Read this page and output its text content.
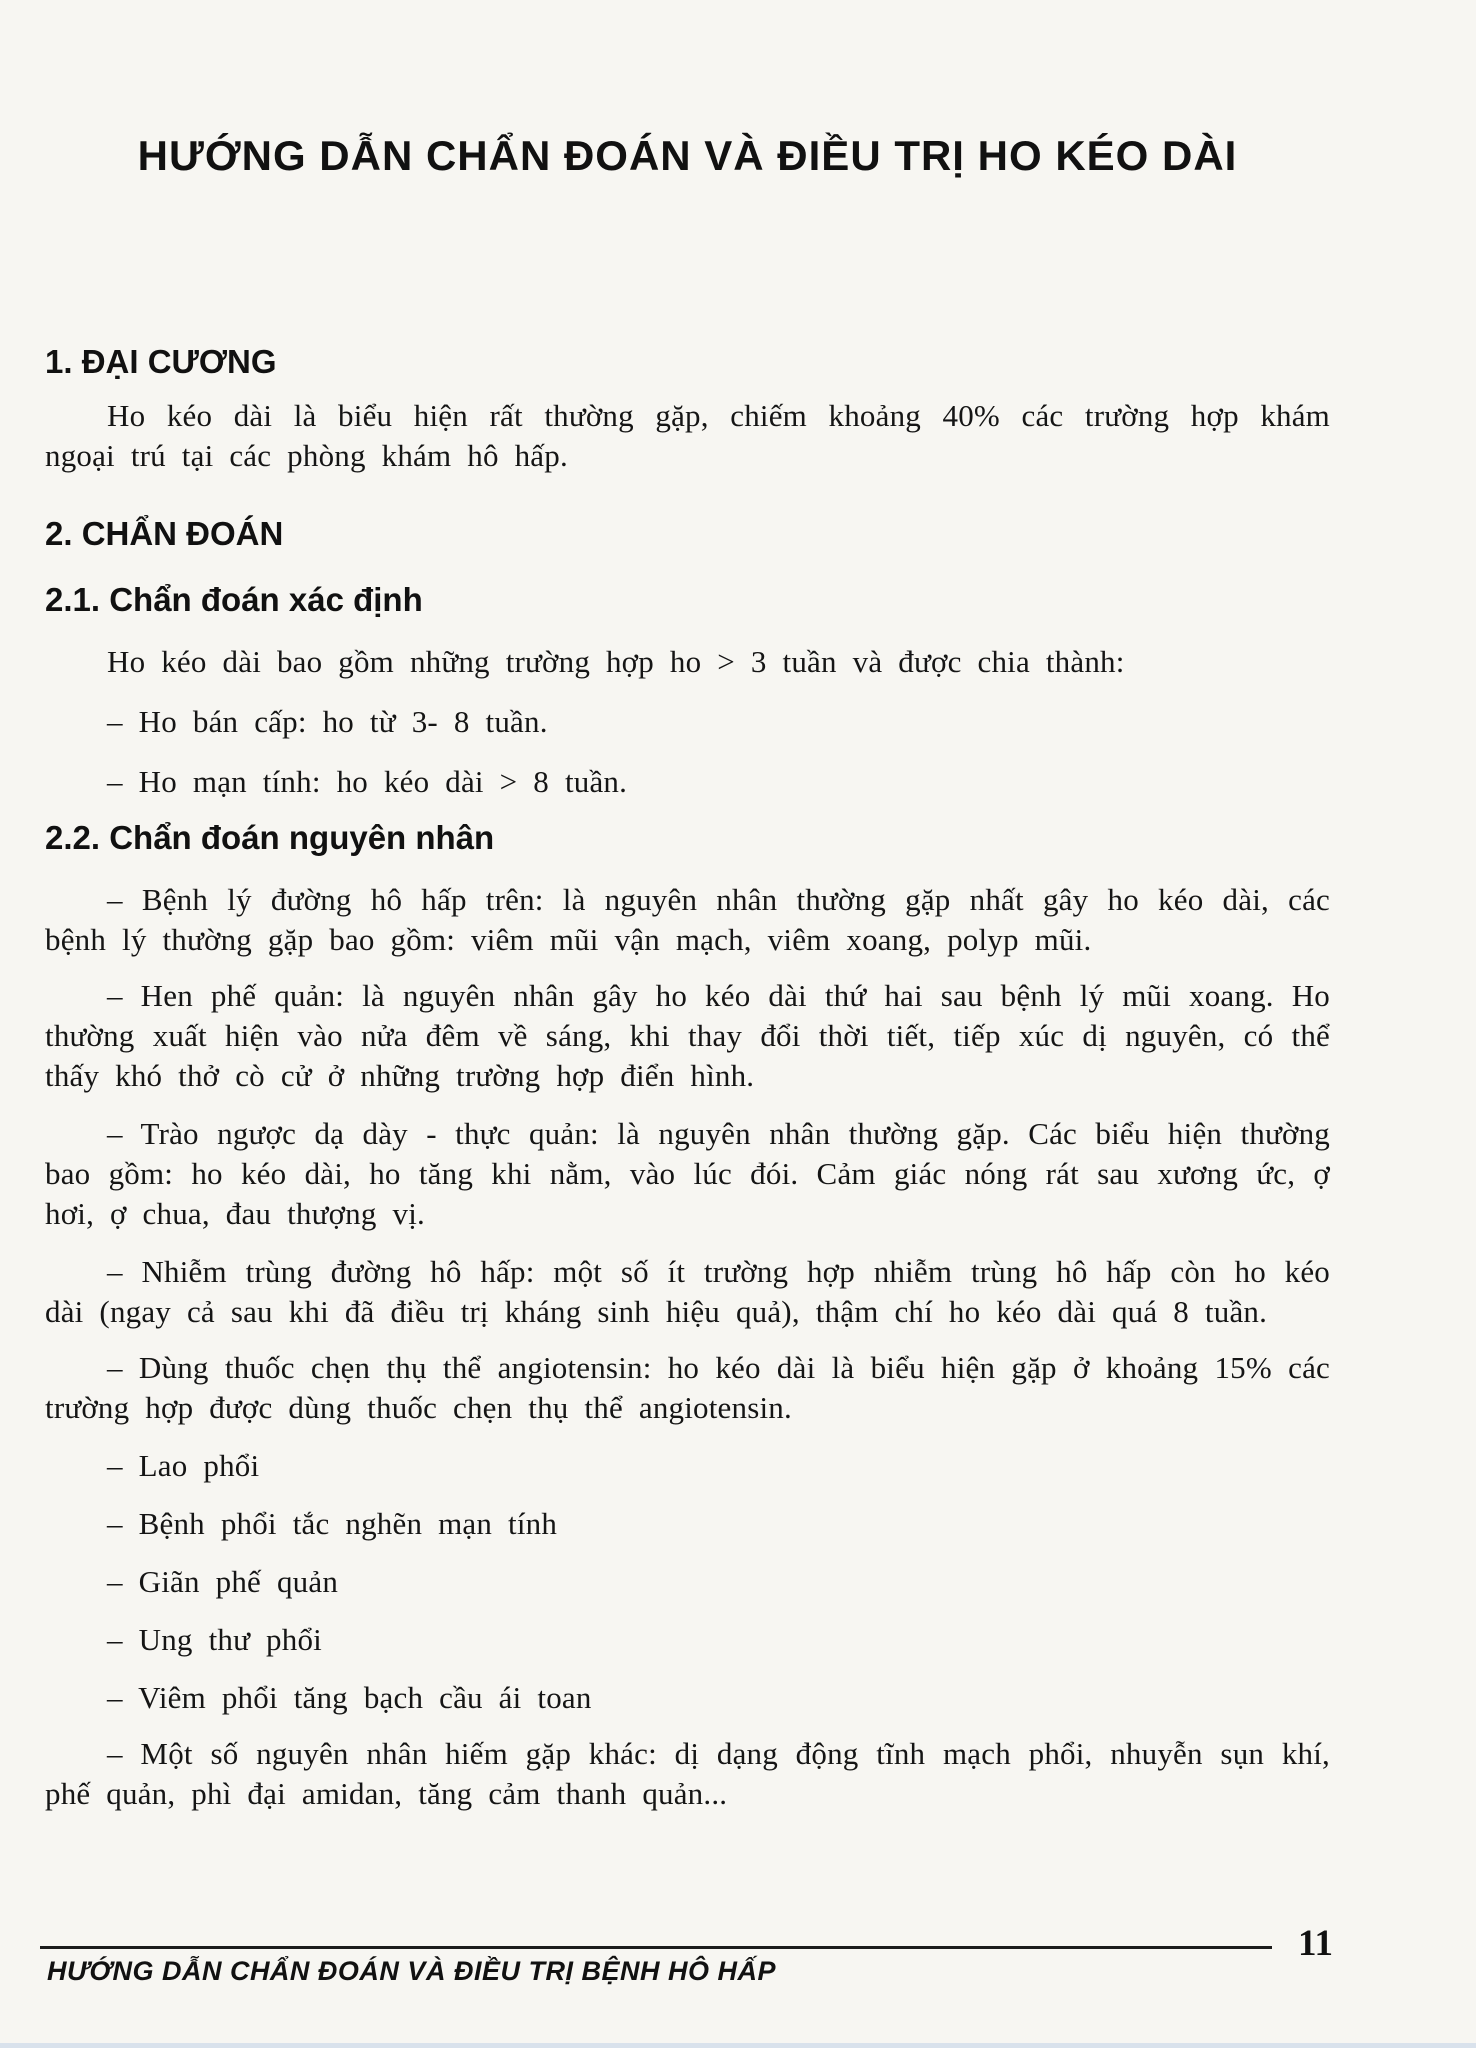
HƯỚNG DẪN CHẨN ĐOÁN VÀ ĐIỀU TRỊ HO KÉO DÀI
1. ĐẠI CƯƠNG
Ho kéo dài là biểu hiện rất thường gặp, chiếm khoảng 40% các trường hợp khám ngoại trú tại các phòng khám hô hấp.
2. CHẨN ĐOÁN
2.1. Chẩn đoán xác định
Ho kéo dài bao gồm những trường hợp ho > 3 tuần và được chia thành:
– Ho bán cấp: ho từ 3- 8 tuần.
– Ho mạn tính: ho kéo dài > 8 tuần.
2.2. Chẩn đoán nguyên nhân
– Bệnh lý đường hô hấp trên: là nguyên nhân thường gặp nhất gây ho kéo dài, các bệnh lý thường gặp bao gồm: viêm mũi vận mạch, viêm xoang, polyp mũi.
– Hen phế quản: là nguyên nhân gây ho kéo dài thứ hai sau bệnh lý mũi xoang. Ho thường xuất hiện vào nửa đêm về sáng, khi thay đổi thời tiết, tiếp xúc dị nguyên, có thể thấy khó thở cò cử ở những trường hợp điển hình.
– Trào ngược dạ dày - thực quản: là nguyên nhân thường gặp. Các biểu hiện thường bao gồm: ho kéo dài, ho tăng khi nằm, vào lúc đói. Cảm giác nóng rát sau xương ức, ợ hơi, ợ chua, đau thượng vị.
– Nhiễm trùng đường hô hấp: một số ít trường hợp nhiễm trùng hô hấp còn ho kéo dài (ngay cả sau khi đã điều trị kháng sinh hiệu quả), thậm chí ho kéo dài quá 8 tuần.
– Dùng thuốc chẹn thụ thể angiotensin: ho kéo dài là biểu hiện gặp ở khoảng 15% các trường hợp được dùng thuốc chẹn thụ thể angiotensin.
– Lao phổi
– Bệnh phổi tắc nghẽn mạn tính
– Giãn phế quản
– Ung thư phổi
– Viêm phổi tăng bạch cầu ái toan
– Một số nguyên nhân hiếm gặp khác: dị dạng động tĩnh mạch phổi, nhuyễn sụn khí, phế quản, phì đại amidan, tăng cảm thanh quản...
HƯỚNG DẪN CHẨN ĐOÁN VÀ ĐIỀU TRỊ BỆNH HÔ HẤP
11
